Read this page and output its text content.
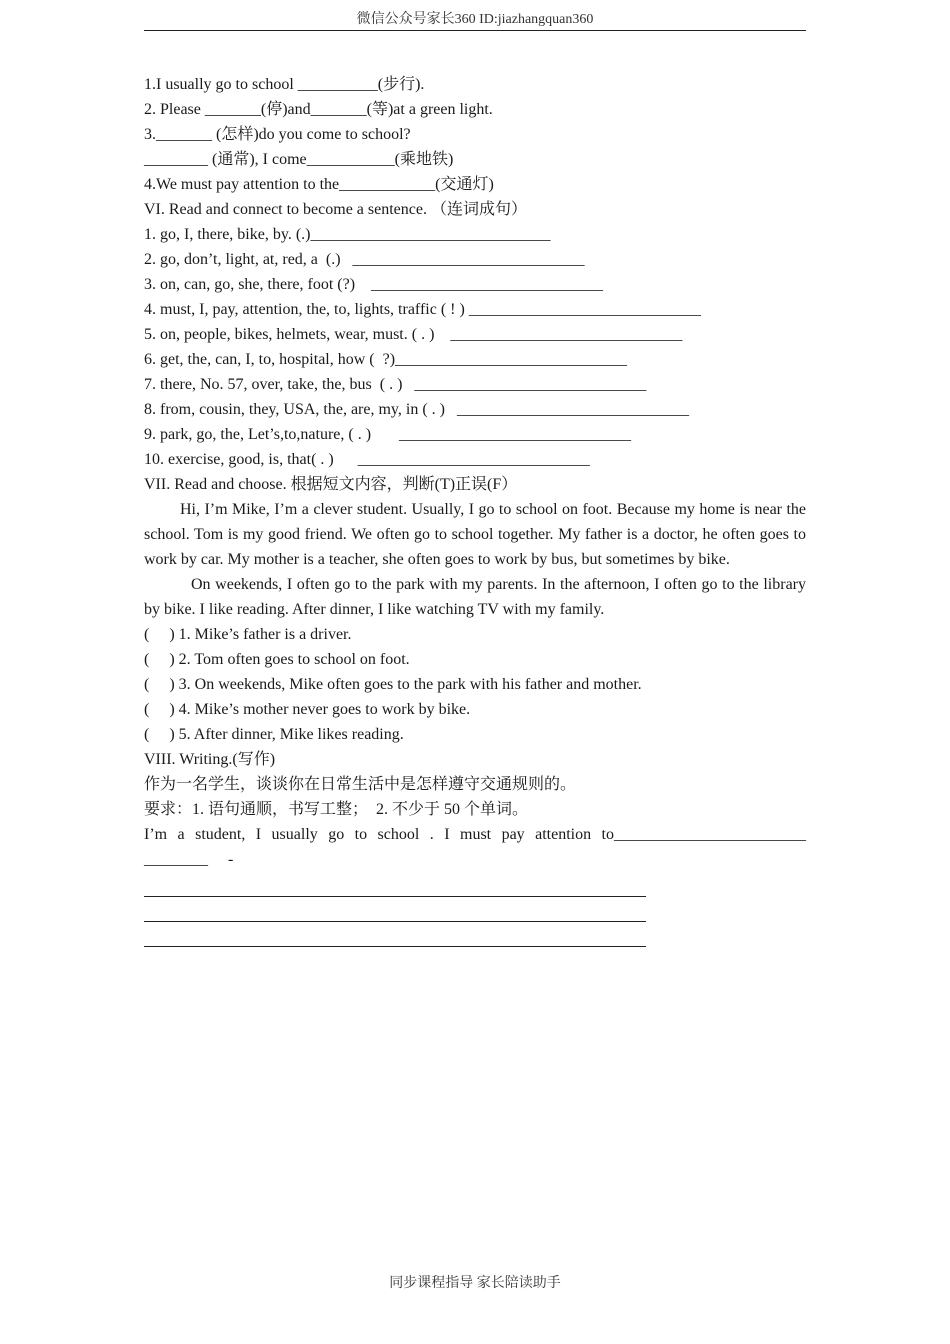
微信公众号家长360 ID:jiazhangquan360
1.I usually go to school __________(步行).
2. Please _______(停)and_______(等)at a green light.
3._______ (怎样)do you come to school?
________ (通常), I come___________(乘地铁)
4.We must pay attention to the____________(交通灯)
VI. Read and connect to become a sentence. （连词成句）
1. go, I, there, bike, by. (.)______________________________
2. go, don’t, light, at, red, a  (.)   _____________________________
3. on, can, go, she, there, foot (?)    _____________________________
4. must, I, pay, attention, the, to, lights, traffic ( ! ) _____________________________
5. on, people, bikes, helmets, wear, must. ( . )    _____________________________
6. get, the, can, I, to, hospital, how (  ?)_____________________________
7. there, No. 57, over, take, the, bus  ( . )   _____________________________
8. from, cousin, they, USA, the, are, my, in ( . )   _____________________________
9. park, go, the, Let’s,to,nature, ( . )       _____________________________
10. exercise, good, is, that( . )      _____________________________
VII. Read and choose. 根据短文内容，判断(T)正误(F）
Hi, I’m Mike, I’m a clever student. Usually, I go to school on foot. Because my home is near the school. Tom is my good friend. We often go to school together. My father is a doctor, he often goes to work by car. My mother is a teacher, she often goes to work by bus, but sometimes by bike.
On weekends, I often go to the park with my parents. In the afternoon, I often go to the library by bike. I like reading. After dinner, I like watching TV with my family.
(     ) 1. Mike’s father is a driver.
(     ) 2. Tom often goes to school on foot.
(     ) 3. On weekends, Mike often goes to the park with his father and mother.
(     ) 4. Mike’s mother never goes to work by bike.
(     ) 5. After dinner, Mike likes reading.
VIII. Writing.(写作)
作为一名学生，谈谈你在日常生活中是怎样遵守交通规则的。
要求：1. 语句通顺，书写工整；  2. 不少于 50 个单词。
I’m a student, I usually go to school . I must pay attention to________________________
________     -
同步课程指导 家长陪读助手
